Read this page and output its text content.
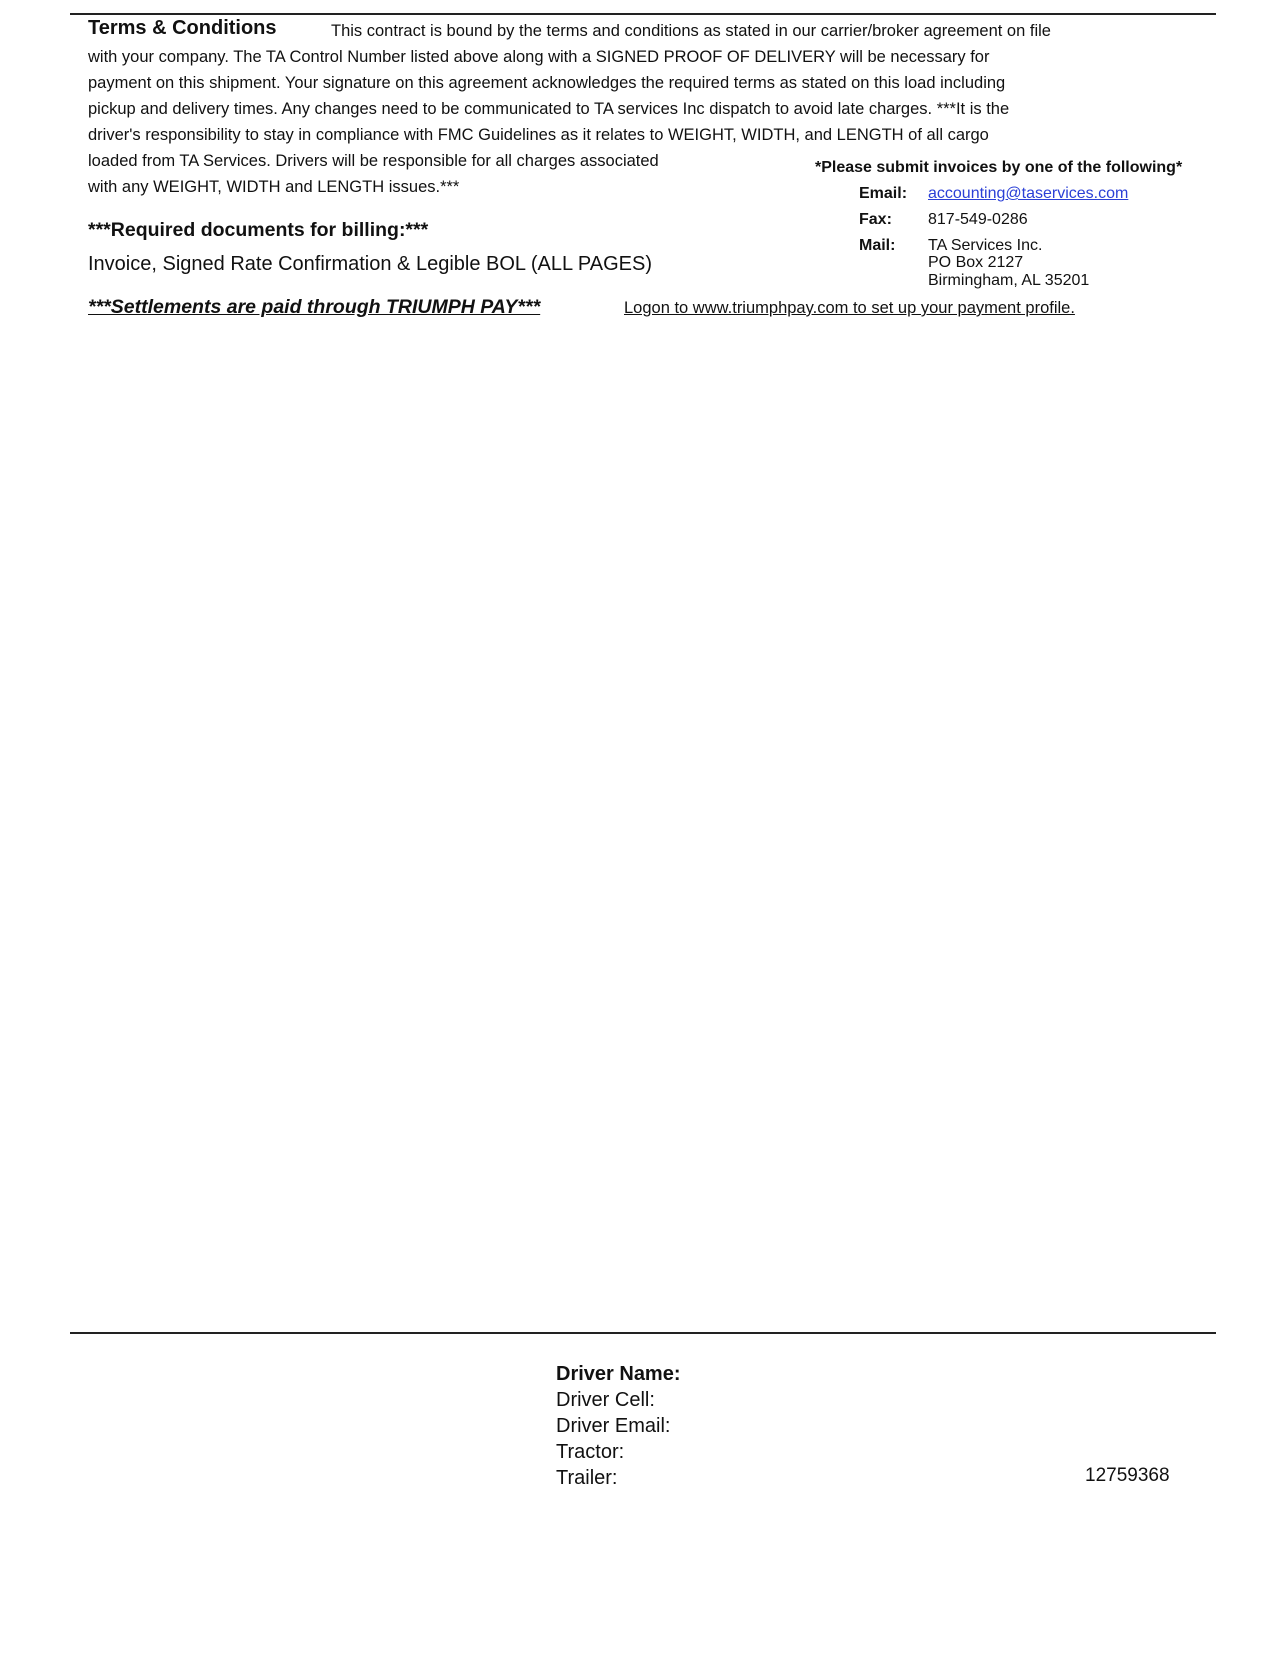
Terms & Conditions	This contract is bound by the terms and conditions as stated in our carrier/broker agreement on file
with your company. The TA Control Number listed above along with a SIGNED PROOF OF DELIVERY will be necessary for
payment on this shipment. Your signature on this agreement acknowledges the required terms as stated on this load including
pickup and delivery times. Any changes need to be communicated to TA services Inc dispatch to avoid late charges. ***It is the
driver's responsibility to stay in compliance with FMC Guidelines as it relates to WEIGHT, WIDTH, and LENGTH of all cargo
loaded from TA Services. Drivers will be responsible for all charges associated
with any WEIGHT, WIDTH and LENGTH issues.***
*Please submit invoices by one of the following*
Email: accounting@taservices.com
Fax: 817-549-0286
Mail: TA Services Inc.
PO Box 2127
Birmingham, AL 35201
***Required documents for billing:***
Invoice, Signed Rate Confirmation & Legible BOL (ALL PAGES)
***Settlements are paid through TRIUMPH PAY***	Logon to www.triumphpay.com to set up your payment profile.
Driver Name:
Driver Cell:
Driver Email:
Tractor:
Trailer:	12759368
